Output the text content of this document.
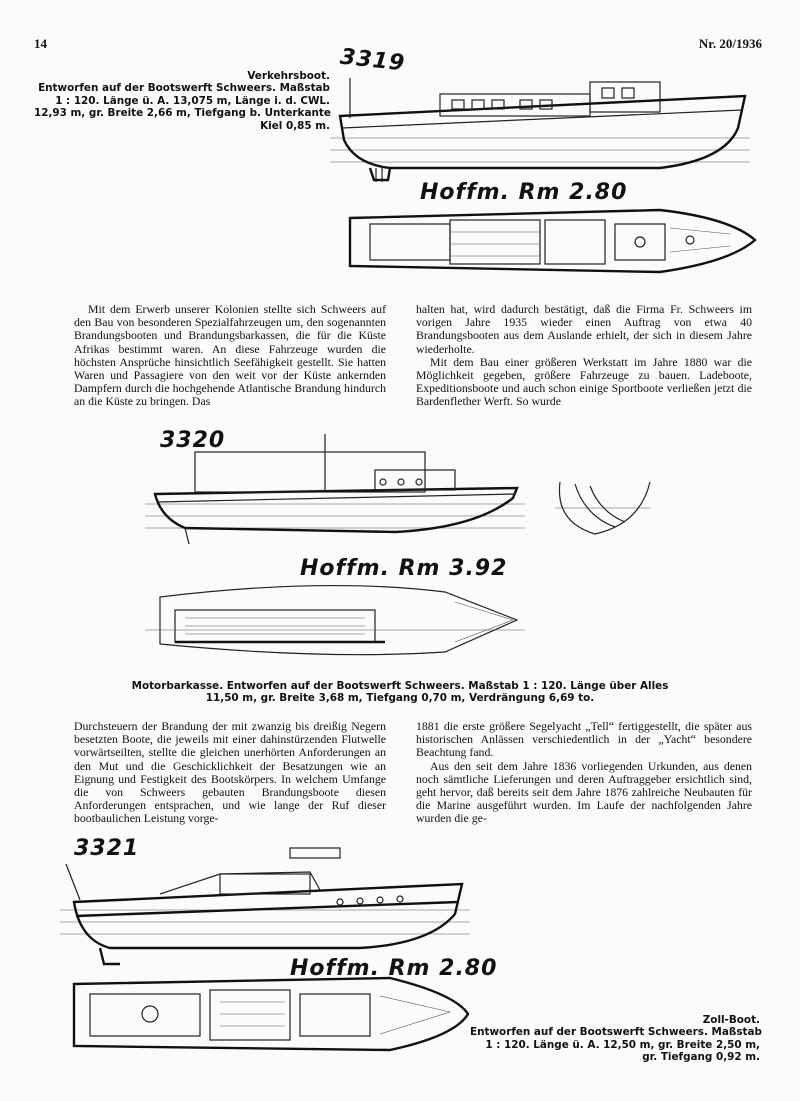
14	Nr. 20/1936
Verkehrsboot.
Entworfen auf der Bootswerft Schweers. Maßstab
1 : 120. Länge ü. A. 13,075 m, Länge i. d. CWL.
12,93 m, gr. Breite 2,66 m, Tiefgang b. Unterkante
Kiel 0,85 m.
3319
Hoffm. Rm 2.80

Mit dem Erwerb unserer Kolonien stellte sich Schweers auf den Bau von besonderen Spezialfahrzeugen um, den sogenannten Brandungsbooten und Brandungsbarkassen, die für die Küste Afrikas bestimmt waren. An diese Fahrzeuge wurden die höchsten Ansprüche hinsichtlich Seefähigkeit gestellt. Sie hatten Waren und Passagiere von den weit vor der Küste ankernden Dampfern durch die hochgehende Atlantische Brandung hindurch an die Küste zu bringen. Das

halten hat, wird dadurch bestätigt, daß die Firma Fr. Schweers im vorigen Jahre 1935 wieder einen Auftrag von etwa 40 Brandungsbooten aus dem Auslande erhielt, der sich in diesem Jahre wiederholte.

Mit dem Bau einer größeren Werkstatt im Jahre 1880 war die Möglichkeit gegeben, größere Fahrzeuge zu bauen. Ladeboote, Expeditionsboote und auch schon einige Sportboote verließen jetzt die Bardenflether Werft. So wurde

3320
Hoffm. Rm 3.92
Motorbarkasse. Entworfen auf der Bootswerft Schweers. Maßstab 1 : 120. Länge über Alles
11,50 m, gr. Breite 3,68 m, Tiefgang 0,70 m, Verdrängung 6,69 to.

Durchsteuern der Brandung der mit zwanzig bis dreißig Negern besetzten Boote, die jeweils mit einer dahinstürzenden Flutwelle vorwärtseilten, stellte die gleichen unerhörten Anforderungen an den Mut und die Geschicklichkeit der Besatzungen wie an Eignung und Festigkeit des Bootskörpers. In welchem Umfange die von Schweers gebauten Brandungsboote diesen Anforderungen entsprachen, und wie lange der Ruf dieser bootbaulichen Leistung vorge-

1881 die erste größere Segelyacht „Tell“ fertiggestellt, die später aus historischen Anlässen verschiedentlich in der „Yacht“ besondere Beachtung fand.

Aus den seit dem Jahre 1836 vorliegenden Urkunden, aus denen noch sämtliche Lieferungen und deren Auftraggeber ersichtlich sind, geht hervor, daß bereits seit dem Jahre 1876 zahlreiche Neubauten für die Marine ausgeführt wurden. Im Laufe der nachfolgenden Jahre wurden die ge-

3321
Hoffm. Rm 2.80
Zoll-Boot.
Entworfen auf der Bootswerft Schweers. Maßstab
1 : 120. Länge ü. A. 12,50 m, gr. Breite 2,50 m,
gr. Tiefgang 0,92 m.
